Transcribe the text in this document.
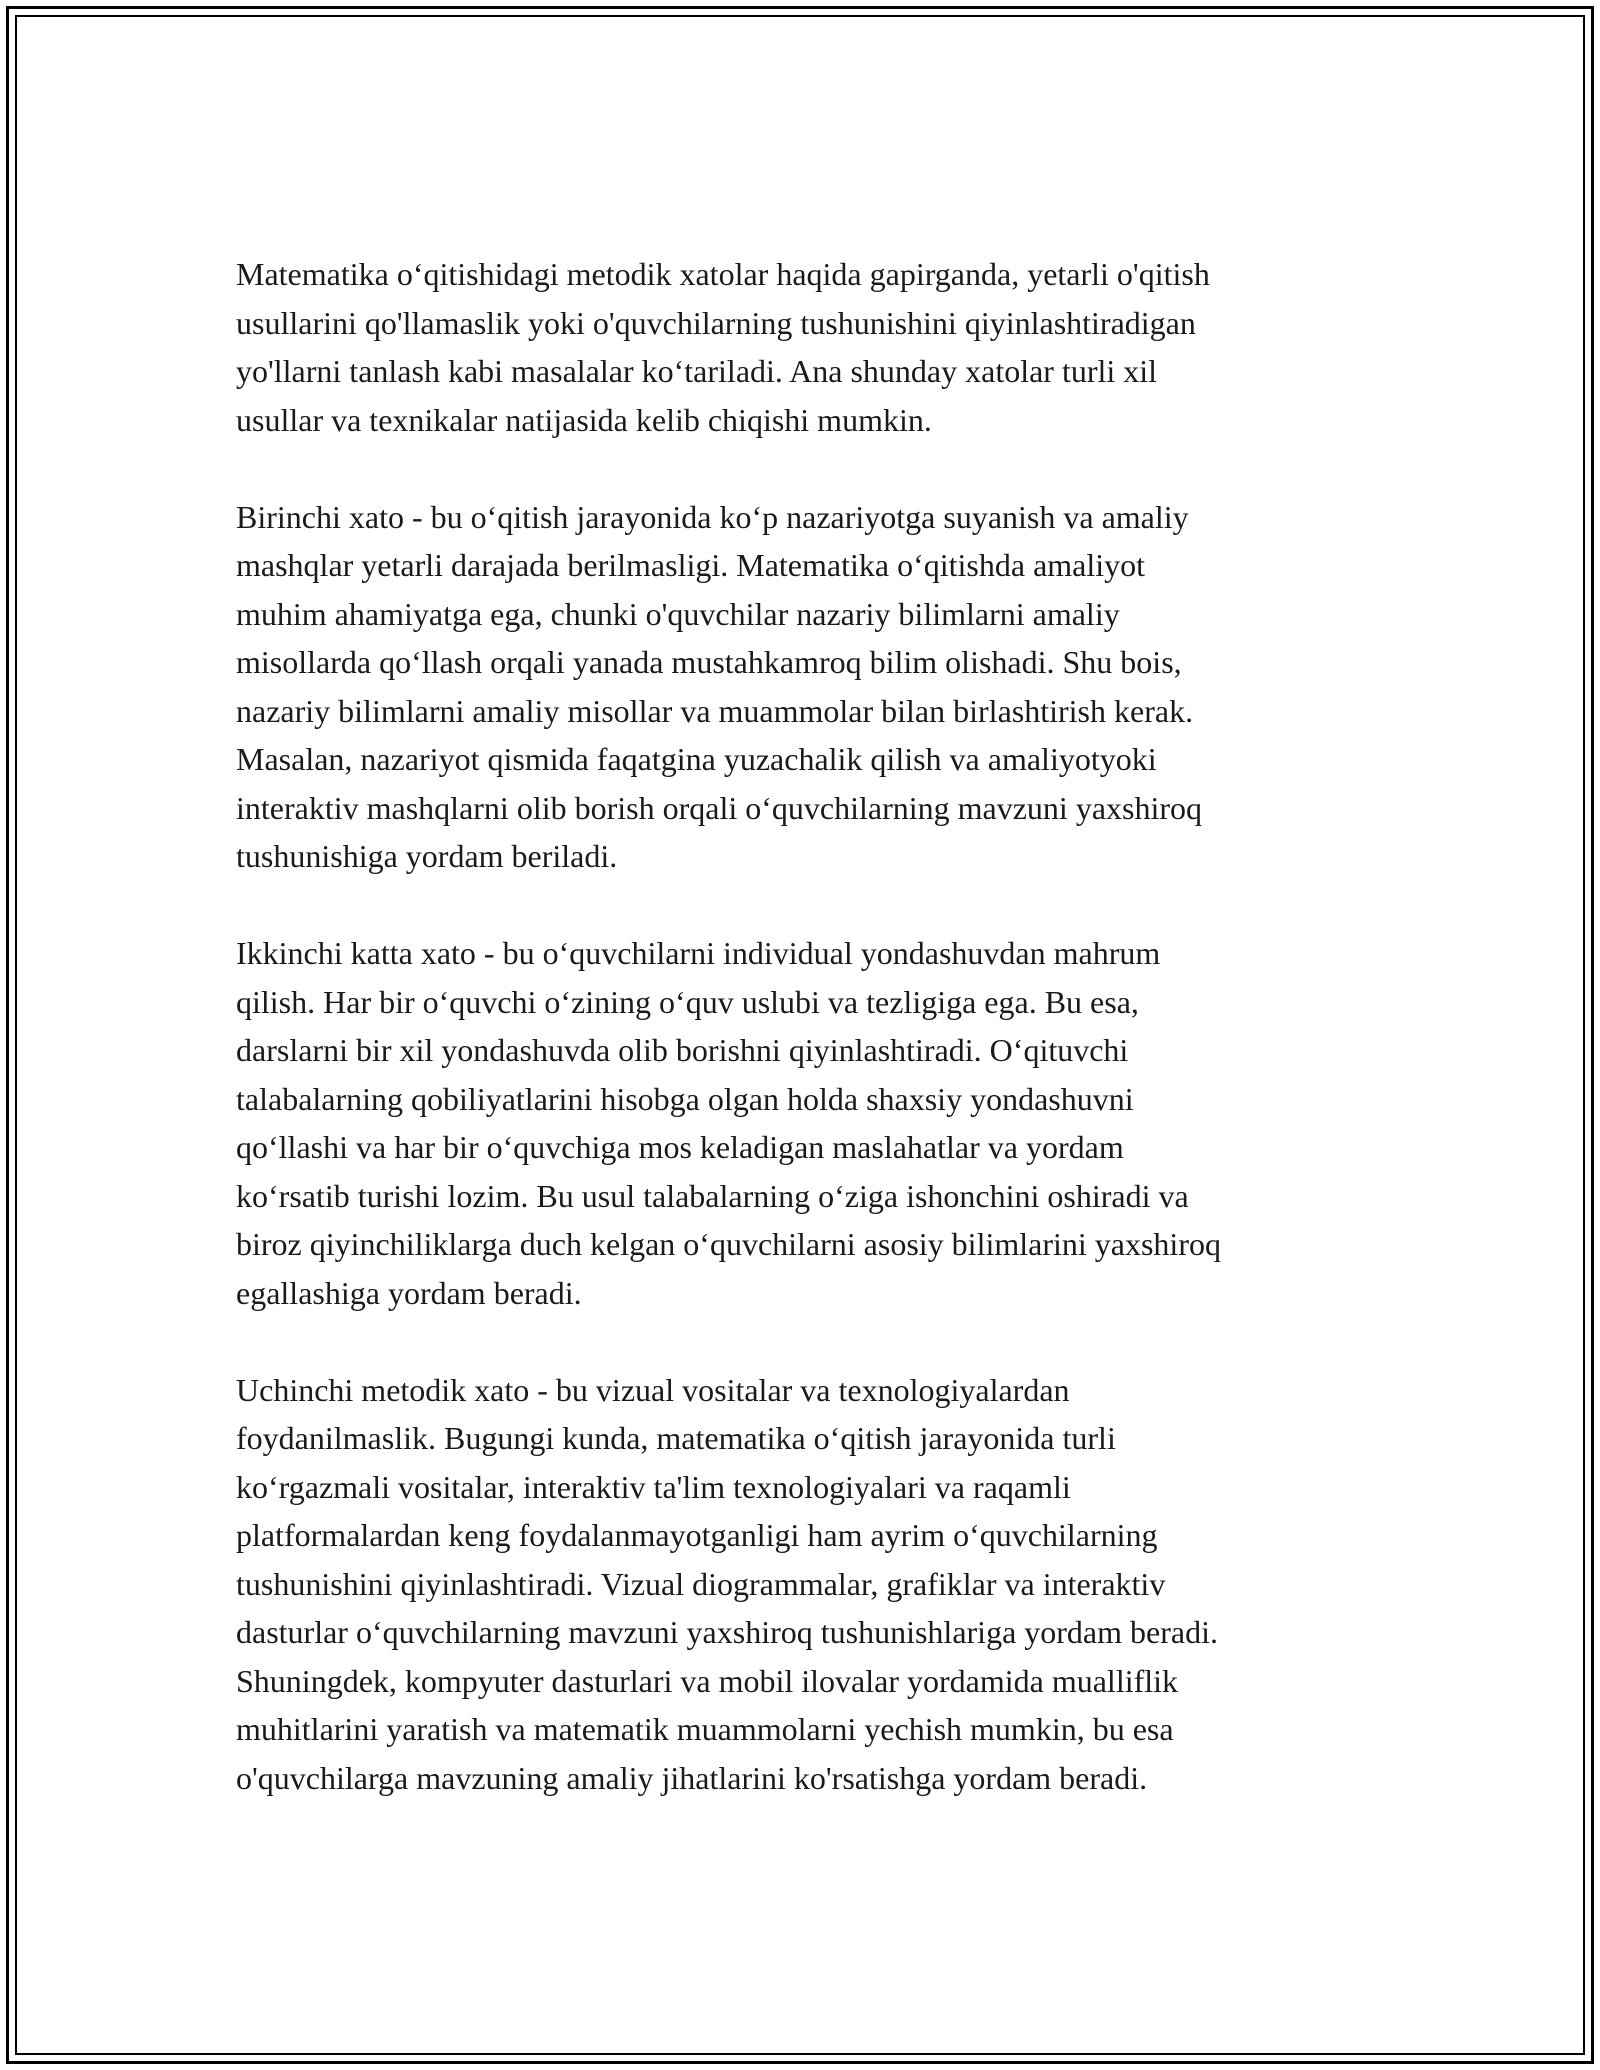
Matematika o‘qitishidagi metodik xatolar haqida gapirganda, yetarli o'qitish
usullarini qo'llamaslik yoki o'quvchilarning tushunishini qiyinlashtiradigan
yo'llarni tanlash kabi masalalar ko‘tariladi. Ana shunday xatolar turli xil
usullar va texnikalar natijasida kelib chiqishi mumkin.

Birinchi xato - bu o‘qitish jarayonida ko‘p nazariyotga suyanish va amaliy
mashqlar yetarli darajada berilmasligi. Matematika o‘qitishda amaliyot
muhim ahamiyatga ega, chunki o'quvchilar nazariy bilimlarni amaliy
misollarda qo‘llash orqali yanada mustahkamroq bilim olishadi. Shu bois,
nazariy bilimlarni amaliy misollar va muammolar bilan birlashtirish kerak.
Masalan, nazariyot qismida faqatgina yuzachalik qilish va amaliyotyoki
interaktiv mashqlarni olib borish orqali o‘quvchilarning mavzuni yaxshiroq
tushunishiga yordam beriladi.

Ikkinchi katta xato - bu o‘quvchilarni individual yondashuvdan mahrum
qilish. Har bir o‘quvchi o‘zining o‘quv uslubi va tezligiga ega. Bu esa,
darslarni bir xil yondashuvda olib borishni qiyinlashtiradi. O‘qituvchi
talabalarning qobiliyatlarini hisobga olgan holda shaxsiy yondashuvni
qo‘llashi va har bir o‘quvchiga mos keladigan maslahatlar va yordam
ko‘rsatib turishi lozim. Bu usul talabalarning o‘ziga ishonchini oshiradi va
biroz qiyinchiliklarga duch kelgan o‘quvchilarni asosiy bilimlarini yaxshiroq
egallashiga yordam beradi.

Uchinchi metodik xato - bu vizual vositalar va texnologiyalardan
foydanilmaslik. Bugungi kunda, matematika o‘qitish jarayonida turli
ko‘rgazmali vositalar, interaktiv ta'lim texnologiyalari va raqamli
platformalardan keng foydalanmayotganligi ham ayrim o‘quvchilarning
tushunishini qiyinlashtiradi. Vizual diogrammalar, grafiklar va interaktiv
dasturlar o‘quvchilarning mavzuni yaxshiroq tushunishlariga yordam beradi.
Shuningdek, kompyuter dasturlari va mobil ilovalar yordamida mualliflik
muhitlarini yaratish va matematik muammolarni yechish mumkin, bu esa
o'quvchilarga mavzuning amaliy jihatlarini ko'rsatishga yordam beradi.
